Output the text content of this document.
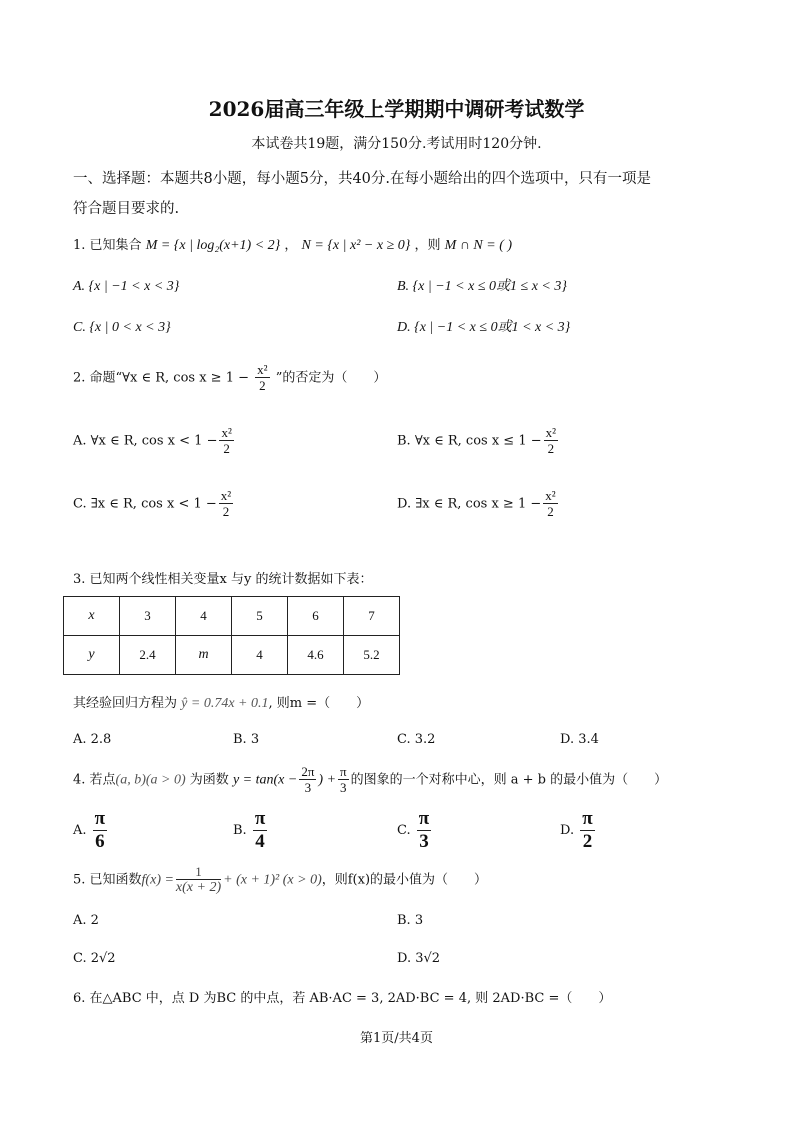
2026届高三年级上学期期中调研考试数学
本试卷共19题，满分150分.考试用时120分钟.
一、选择题：本题共8小题，每小题5分，共40分.在每小题给出的四个选项中，只有一项是
符合题目要求的.
1. 已知集合 M = {x | log₂(x+1) < 2} ， N = {x | x² − x ≥ 0} ，则 M ∩ N = ( )
A. {x | −1 < x < 3}	B. {x | −1 < x ≤ 0或1 ≤ x < 3}
C. {x | 0 < x < 3}	D. {x | −1 < x ≤ 0或1 < x < 3}
2. 命题“∀x ∈ R, $\cos x \ge 1 - \frac{\text{x²}}{2}$ ”的否定为（　　）
A. ∀x ∈ R, $\cos x < 1 - \frac{\text{x²}}{2}$	B. ∀x ∈ R, $\cos x \le 1 - \frac{\text{x²}}{2}$
C. ∃x ∈ R, $\cos x < 1 - \frac{\text{x²}}{2}$	D. ∃x ∈ R, $\cos x \ge 1 - \frac{\text{x²}}{2}$
3. 已知两个线性相关变量x 与y 的统计数据如下表：
x	3	4	5	6	7
y	2.4	m	4	4.6	5.2
其经验回归方程为 ŷ = 0.74x + 0.1, 则m =（　　）
A. 2.8	B. 3	C. 3.2	D. 3.4
4. 若点(a, b)(a > 0) 为函数 $y = \tan(x - \frac{2\pi}{3}$ ) + $\frac{\pi}{3}$ 的图象的一个对称中心，则 a + b 的最小值为（　　）
A. $\frac{\pi}{6}$	B. $\frac{\pi}{4}$	C. $\frac{\pi}{3}$	D. $\frac{\pi}{2}$
5. 已知函数$f(x) = \frac{1}{x(x + 2)} + (x + 1)^2$ (x > 0)，则f(x)的最小值为（　　）
A. 2	B. 3
C. 2√2	D. 3√2
6. 在△ABC 中，点 D 为BC 的中点，若 AB·AC = 3, 2AD·BC = 4, 则 2AD·BC =（　　）
第1页/共4页
